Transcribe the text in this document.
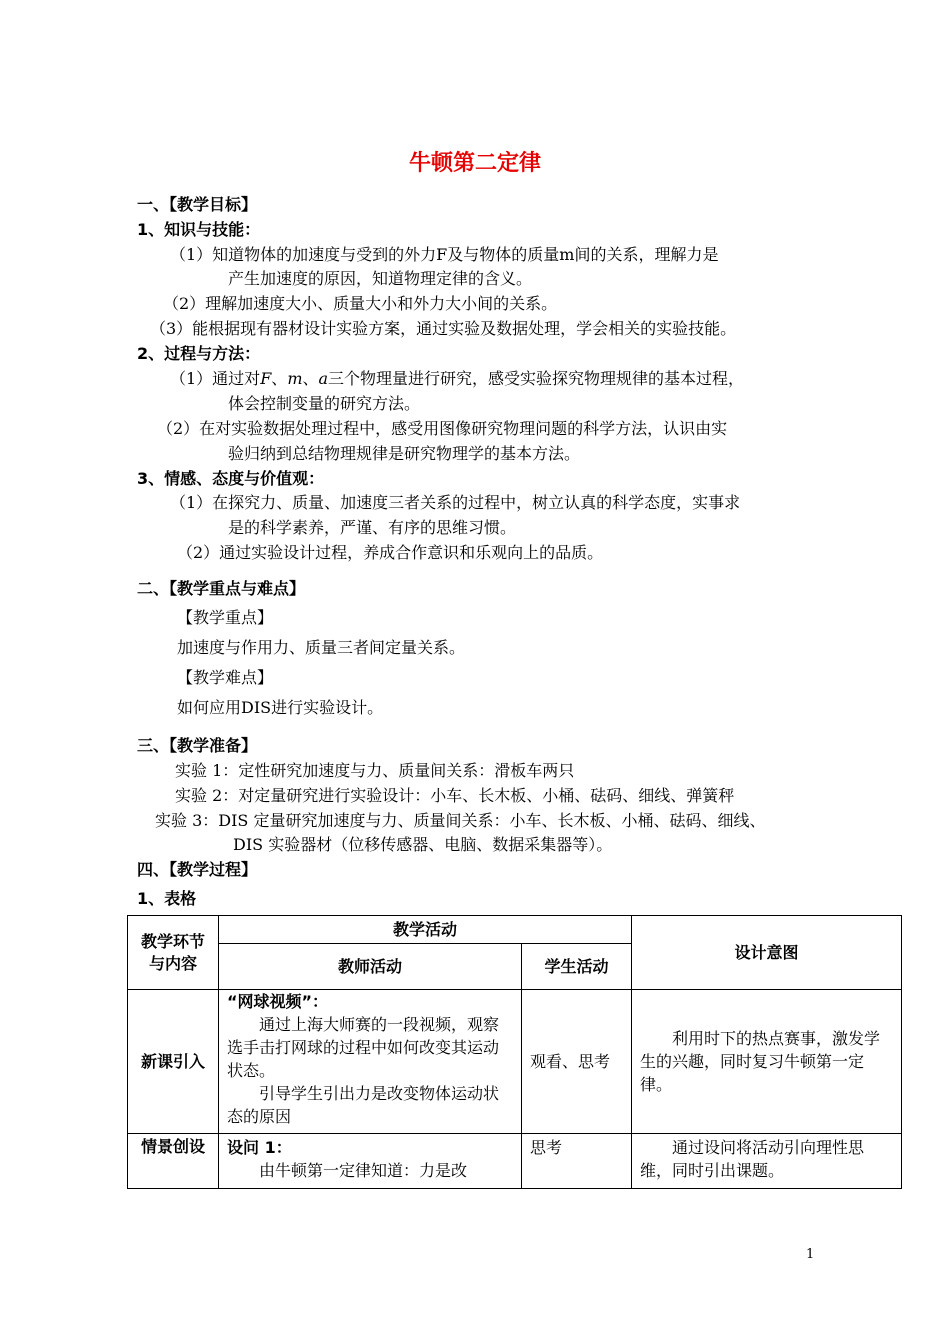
牛顿第二定律
一、【教学目标】
1、知识与技能：
（1）知道物体的加速度与受到的外力F及与物体的质量m间的关系，理解力是
产生加速度的原因，知道物理定律的含义。
（2）理解加速度大小、质量大小和外力大小间的关系。
（3）能根据现有器材设计实验方案，通过实验及数据处理，学会相关的实验技能。
2、过程与方法：
（1）通过对F、m、a三个物理量进行研究，感受实验探究物理规律的基本过程，
体会控制变量的研究方法。
（2）在对实验数据处理过程中，感受用图像研究物理问题的科学方法，认识由实
验归纳到总结物理规律是研究物理学的基本方法。
3、情感、态度与价值观：
（1）在探究力、质量、加速度三者关系的过程中，树立认真的科学态度，实事求
是的科学素养，严谨、有序的思维习惯。
（2）通过实验设计过程，养成合作意识和乐观向上的品质。
二、【教学重点与难点】
【教学重点】
加速度与作用力、质量三者间定量关系。
【教学难点】
如何应用DIS进行实验设计。
三、【教学准备】
实验 1：定性研究加速度与力、质量间关系：滑板车两只
实验 2：对定量研究进行实验设计：小车、长木板、小桶、砝码、细线、弹簧秤
实验 3：DIS 定量研究加速度与力、质量间关系：小车、长木板、小桶、砝码、细线、
DIS 实验器材（位移传感器、电脑、数据采集器等）。
四、【教学过程】
1、表格
教学环节
与内容	教学活动		设计意图
	教师活动	学生活动	
新课引入	“网球视频”：

通过上海大师赛的一段视频，观察选手击打网球的过程中如何改变其运动状态。

引导学生引出力是改变物体运动状态的原因	观看、思考	利用时下的热点赛事，激发学生的兴趣，同时复习牛顿第一定律。
情景创设	设问 1：

由牛顿第一定律知道：力是改	思考	通过设问将活动引向理性思维，同时引出课题。
1
